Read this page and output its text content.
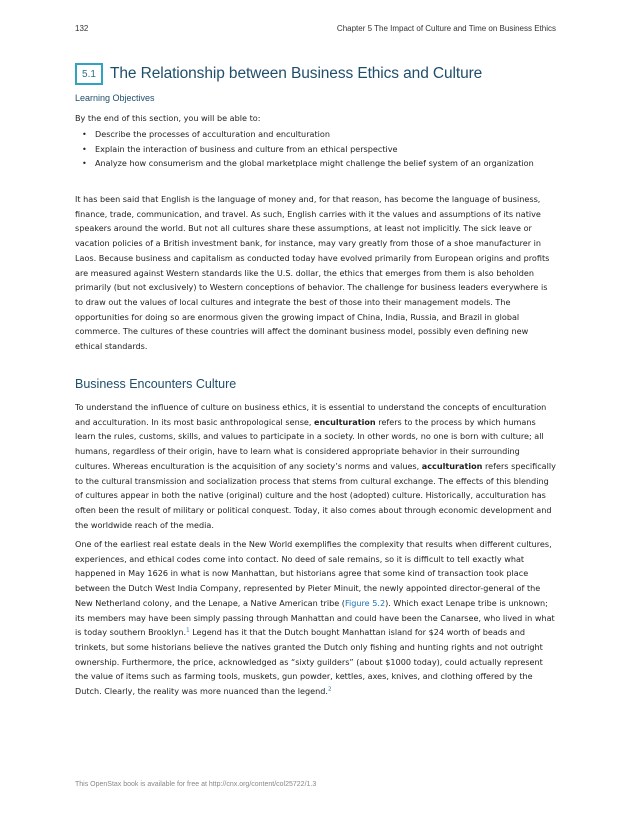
132	Chapter 5 The Impact of Culture and Time on Business Ethics
5.1 The Relationship between Business Ethics and Culture
Learning Objectives
By the end of this section, you will be able to:
• Describe the processes of acculturation and enculturation
• Explain the interaction of business and culture from an ethical perspective
• Analyze how consumerism and the global marketplace might challenge the belief system of an organization

It has been said that English is the language of money and, for that reason, has become the language of business, finance, trade, communication, and travel. As such, English carries with it the values and assumptions of its native speakers around the world. But not all cultures share these assumptions, at least not implicitly. The sick leave or vacation policies of a British investment bank, for instance, may vary greatly from those of a shoe manufacturer in Laos. Because business and capitalism as conducted today have evolved primarily from European origins and profits are measured against Western standards like the U.S. dollar, the ethics that emerges from them is also beholden primarily (but not exclusively) to Western conceptions of behavior. The challenge for business leaders everywhere is to draw out the values of local cultures and integrate the best of those into their management models. The opportunities for doing so are enormous given the growing impact of China, India, Russia, and Brazil in global commerce. The cultures of these countries will affect the dominant business model, possibly even defining new ethical standards.

Business Encounters Culture

To understand the influence of culture on business ethics, it is essential to understand the concepts of enculturation and acculturation. In its most basic anthropological sense, enculturation refers to the process by which humans learn the rules, customs, skills, and values to participate in a society. In other words, no one is born with culture; all humans, regardless of their origin, have to learn what is considered appropriate behavior in their surrounding cultures. Whereas enculturation is the acquisition of any society’s norms and values, acculturation refers specifically to the cultural transmission and socialization process that stems from cultural exchange. The effects of this blending of cultures appear in both the native (original) culture and the host (adopted) culture. Historically, acculturation has often been the result of military or political conquest. Today, it also comes about through economic development and the worldwide reach of the media.

One of the earliest real estate deals in the New World exemplifies the complexity that results when different cultures, experiences, and ethical codes come into contact. No deed of sale remains, so it is difficult to tell exactly what happened in May 1626 in what is now Manhattan, but historians agree that some kind of transaction took place between the Dutch West India Company, represented by Pieter Minuit, the newly appointed director-general of the New Netherland colony, and the Lenape, a Native American tribe (Figure 5.2). Which exact Lenape tribe is unknown; its members may have been simply passing through Manhattan and could have been the Canarsee, who lived in what is today southern Brooklyn.$^1$ Legend has it that the Dutch bought Manhattan island for $24 worth of beads and trinkets, but some historians believe the natives granted the Dutch only fishing and hunting rights and not outright ownership. Furthermore, the price, acknowledged as “sixty guilders” (about $1000 today), could actually represent the value of items such as farming tools, muskets, gun powder, kettles, axes, knives, and clothing offered by the Dutch. Clearly, the reality was more nuanced than the legend.$^2$

This OpenStax book is available for free at http://cnx.org/content/col25722/1.3
